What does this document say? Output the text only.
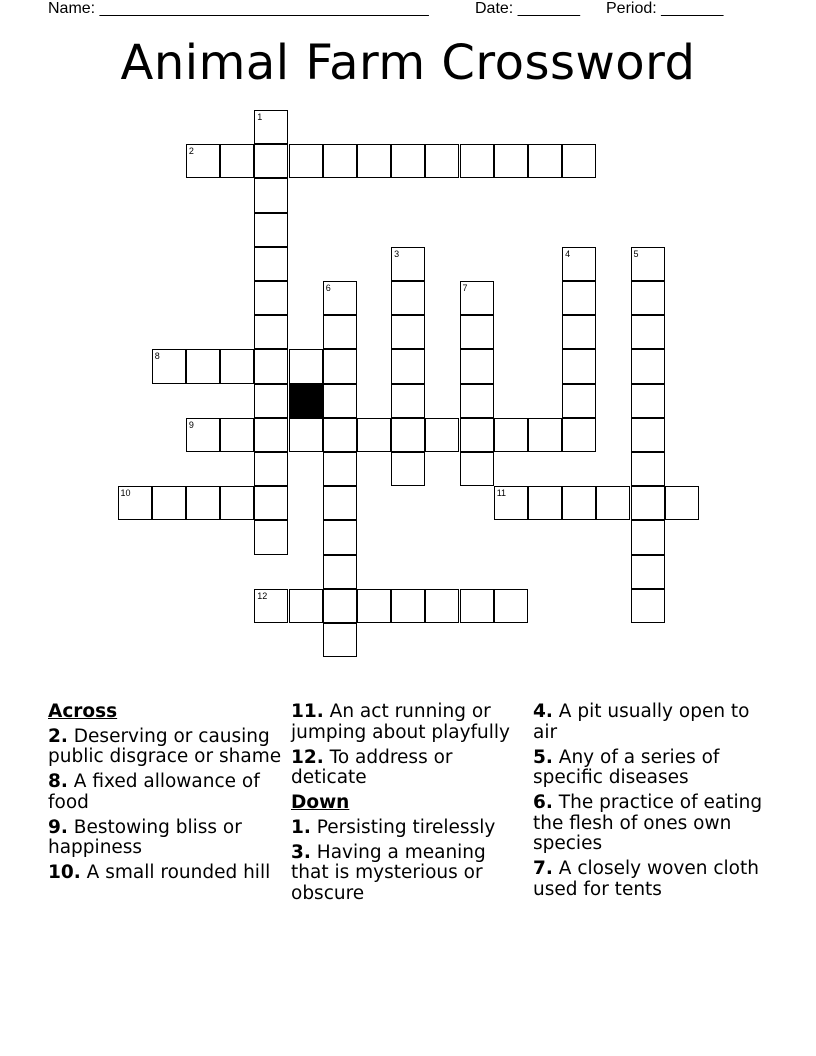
Name: _____________________________________	Date: _______ Period: _______
Animal Farm Crossword
1
2
3	4	5
6	7
8
9
10	11
12
Across
2. Deserving or causing public disgrace or shame
8. A fixed allowance of food
9. Bestowing bliss or happiness
10. A small rounded hill
11. An act running or jumping about playfully
12. To address or deticate
Down
1. Persisting tirelessly
3. Having a meaning that is mysterious or obscure
4. A pit usually open to air
5. Any of a series of specific diseases
6. The practice of eating the flesh of ones own species
7. A closely woven cloth used for tents
